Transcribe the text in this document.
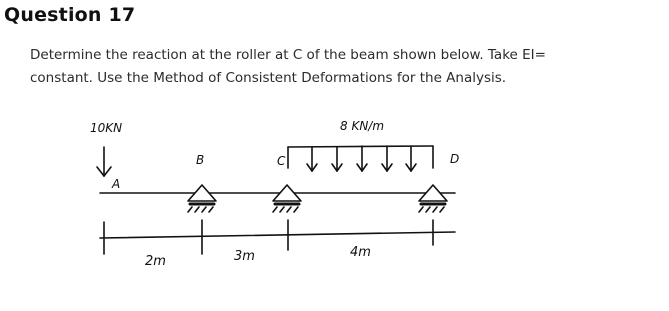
Question 17
Determine the reaction at the roller at C of the beam shown below. Take EI=
constant. Use the Method of Consistent Deformations for the Analysis.
10KN	8 KN/m
A
B	C	D
2m	3m	4m
